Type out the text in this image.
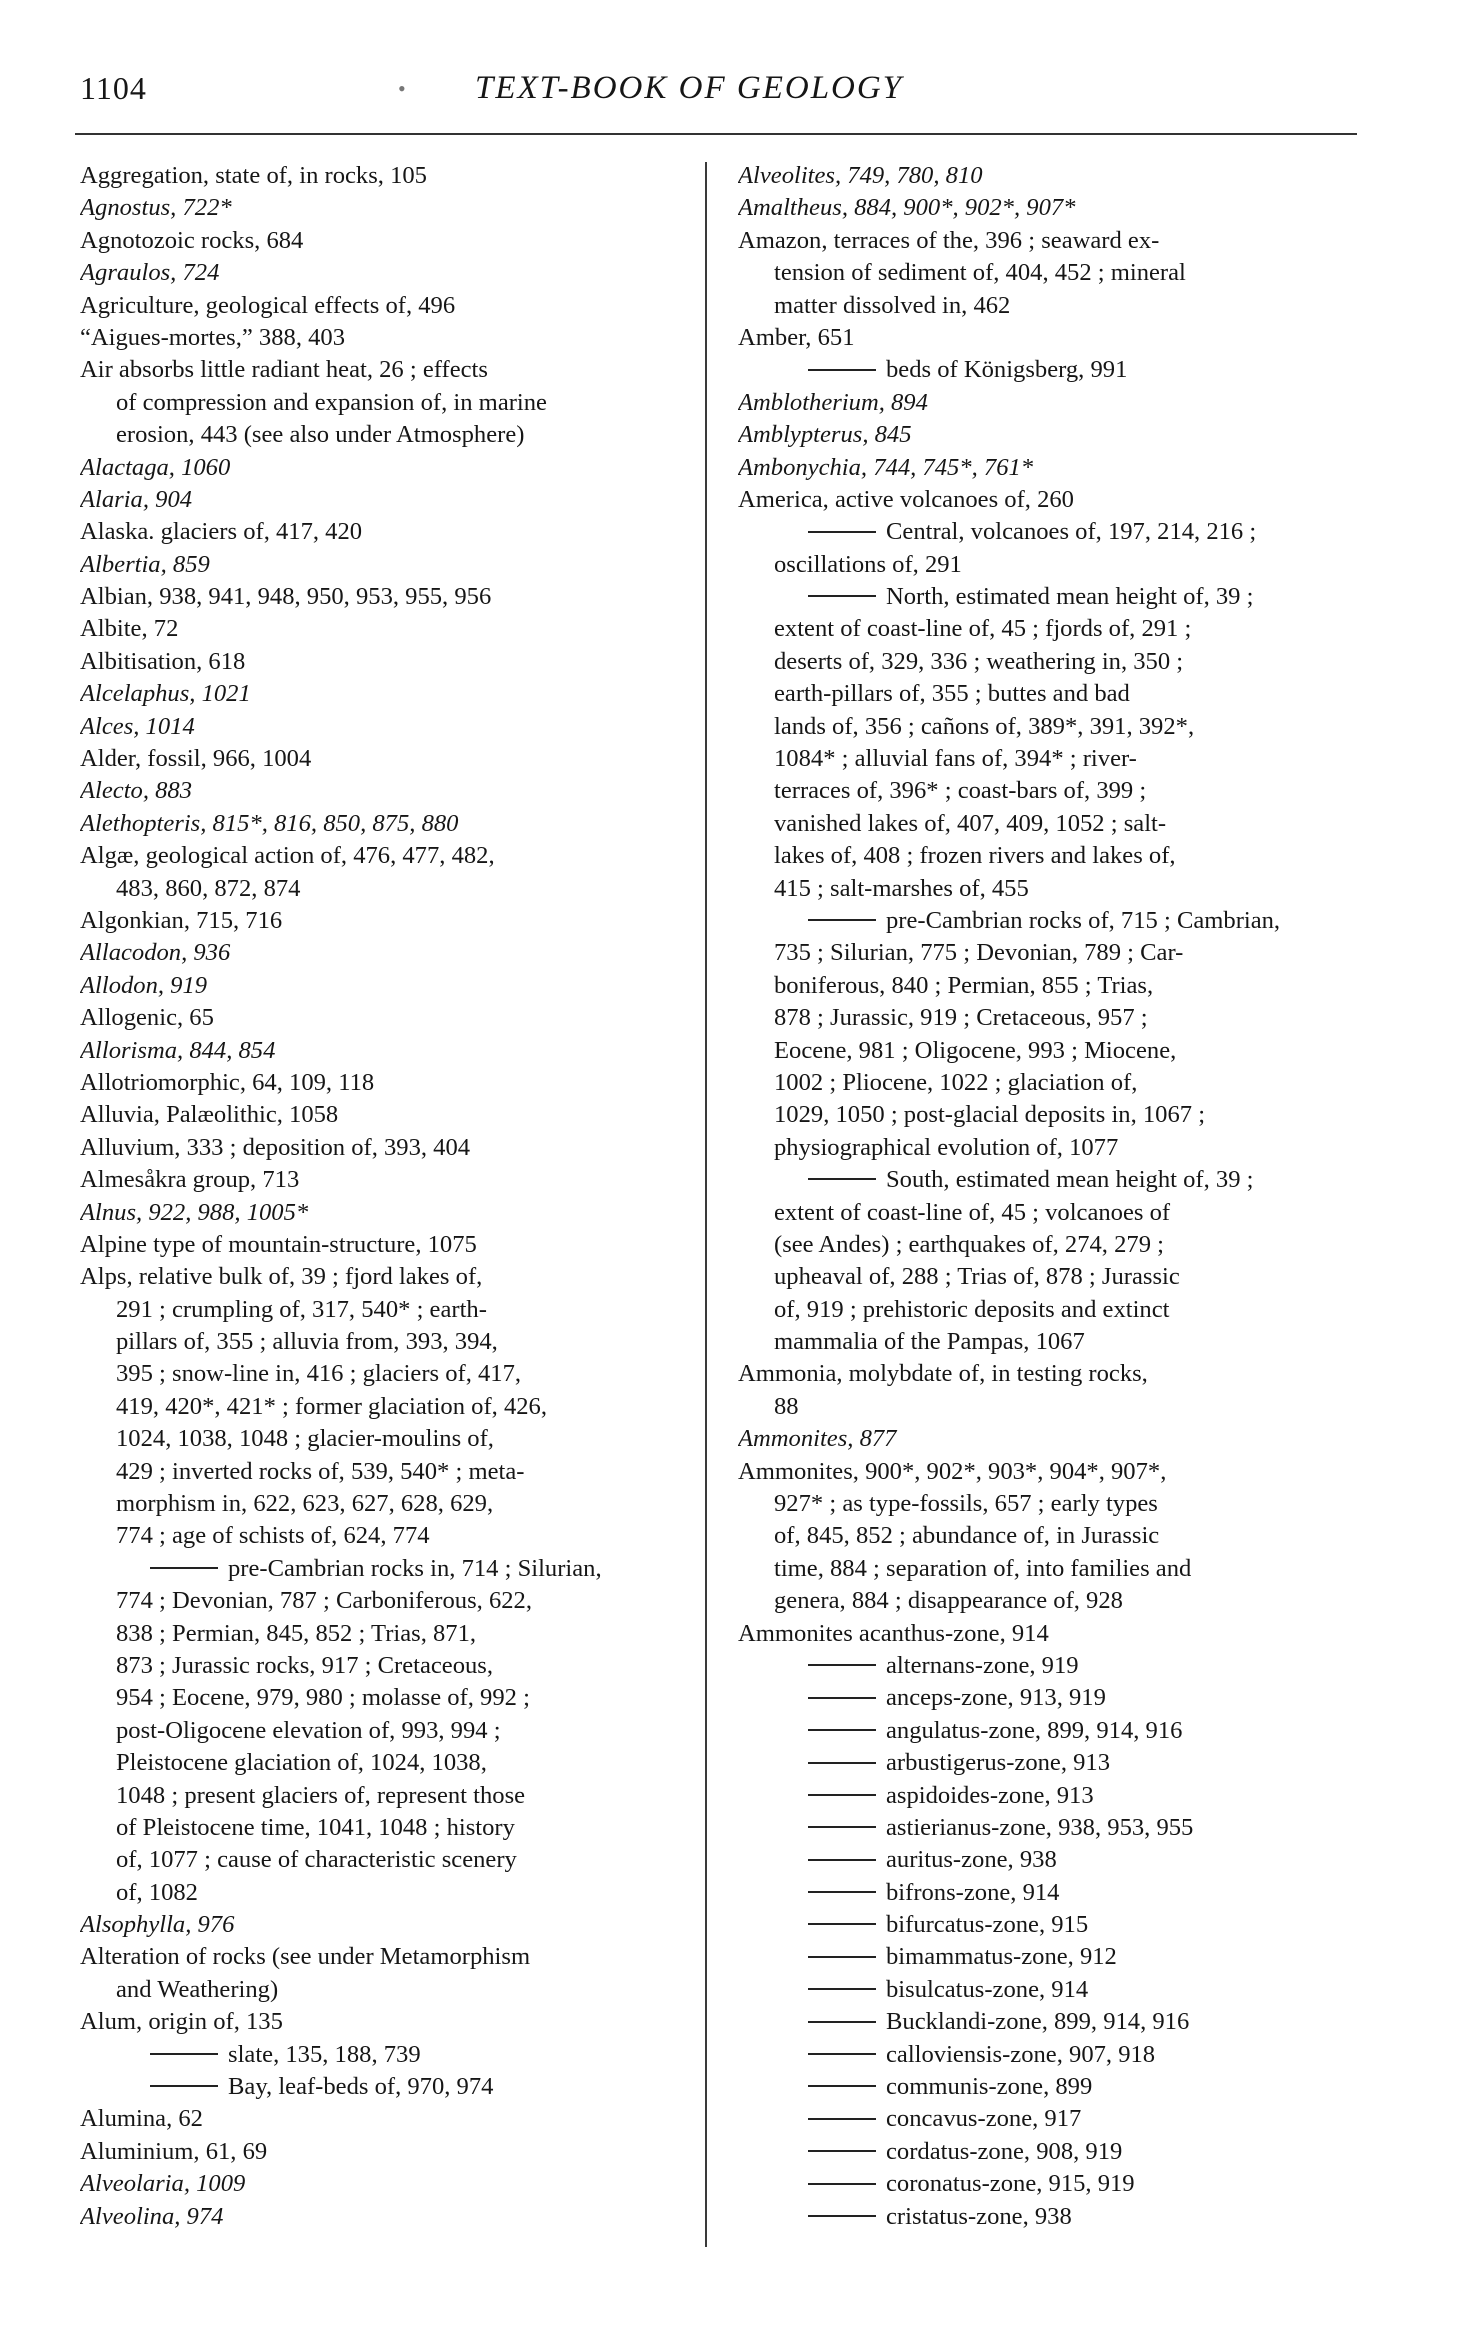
1104	• TEXT-BOOK OF GEOLOGY
Aggregation, state of, in rocks, 105
Agnostus, 722*
Agnotozoic rocks, 684
Agraulos, 724
Agriculture, geological effects of, 496
“Aigues-mortes,” 388, 403
Air absorbs little radiant heat, 26 ; effects
of compression and expansion of, in marine
erosion, 443 (see also under Atmosphere)
Alactaga, 1060
Alaria, 904
Alaska. glaciers of, 417, 420
Albertia, 859
Albian, 938, 941, 948, 950, 953, 955, 956
Albite, 72
Albitisation, 618
Alcelaphus, 1021
Alces, 1014
Alder, fossil, 966, 1004
Alecto, 883
Alethopteris, 815*, 816, 850, 875, 880
Algæ, geological action of, 476, 477, 482,
483, 860, 872, 874
Algonkian, 715, 716
Allacodon, 936
Allodon, 919
Allogenic, 65
Allorisma, 844, 854
Allotriomorphic, 64, 109, 118
Alluvia, Palæolithic, 1058
Alluvium, 333 ; deposition of, 393, 404
Almesåkra group, 713
Alnus, 922, 988, 1005*
Alpine type of mountain-structure, 1075
Alps, relative bulk of, 39 ; fjord lakes of,
291 ; crumpling of, 317, 540* ; earth-
pillars of, 355 ; alluvia from, 393, 394,
395 ; snow-line in, 416 ; glaciers of, 417,
419, 420*, 421* ; former glaciation of, 426,
1024, 1038, 1048 ; glacier-moulins of,
429 ; inverted rocks of, 539, 540* ; meta-
morphism in, 622, 623, 627, 628, 629,
774 ; age of schists of, 624, 774
pre-Cambrian rocks in, 714 ; Silurian,
774 ; Devonian, 787 ; Carboniferous, 622,
838 ; Permian, 845, 852 ; Trias, 871,
873 ; Jurassic rocks, 917 ; Cretaceous,
954 ; Eocene, 979, 980 ; molasse of, 992 ;
post-Oligocene elevation of, 993, 994 ;
Pleistocene glaciation of, 1024, 1038,
1048 ; present glaciers of, represent those
of Pleistocene time, 1041, 1048 ; history
of, 1077 ; cause of characteristic scenery
of, 1082
Alsophylla, 976
Alteration of rocks (see under Metamorphism
and Weathering)
Alum, origin of, 135
slate, 135, 188, 739
Bay, leaf-beds of, 970, 974
Alumina, 62
Aluminium, 61, 69
Alveolaria, 1009
Alveolina, 974
Alveolites, 749, 780, 810
Amaltheus, 884, 900*, 902*, 907*
Amazon, terraces of the, 396 ; seaward ex-
tension of sediment of, 404, 452 ; mineral
matter dissolved in, 462
Amber, 651
beds of Königsberg, 991
Amblotherium, 894
Amblypterus, 845
Ambonychia, 744, 745*, 761*
America, active volcanoes of, 260
Central, volcanoes of, 197, 214, 216 ;
oscillations of, 291
North, estimated mean height of, 39 ;
extent of coast-line of, 45 ; fjords of, 291 ;
deserts of, 329, 336 ; weathering in, 350 ;
earth-pillars of, 355 ; buttes and bad
lands of, 356 ; cañons of, 389*, 391, 392*,
1084* ; alluvial fans of, 394* ; river-
terraces of, 396* ; coast-bars of, 399 ;
vanished lakes of, 407, 409, 1052 ; salt-
lakes of, 408 ; frozen rivers and lakes of,
415 ; salt-marshes of, 455
pre-Cambrian rocks of, 715 ; Cambrian,
735 ; Silurian, 775 ; Devonian, 789 ; Car-
boniferous, 840 ; Permian, 855 ; Trias,
878 ; Jurassic, 919 ; Cretaceous, 957 ;
Eocene, 981 ; Oligocene, 993 ; Miocene,
1002 ; Pliocene, 1022 ; glaciation of,
1029, 1050 ; post-glacial deposits in, 1067 ;
physiographical evolution of, 1077
South, estimated mean height of, 39 ;
extent of coast-line of, 45 ; volcanoes of
(see Andes) ; earthquakes of, 274, 279 ;
upheaval of, 288 ; Trias of, 878 ; Jurassic
of, 919 ; prehistoric deposits and extinct
mammalia of the Pampas, 1067
Ammonia, molybdate of, in testing rocks,
88
Ammonites, 877
Ammonites, 900*, 902*, 903*, 904*, 907*,
927* ; as type-fossils, 657 ; early types
of, 845, 852 ; abundance of, in Jurassic
time, 884 ; separation of, into families and
genera, 884 ; disappearance of, 928
Ammonites acanthus-zone, 914
alternans-zone, 919
anceps-zone, 913, 919
angulatus-zone, 899, 914, 916
arbustigerus-zone, 913
aspidoides-zone, 913
astierianus-zone, 938, 953, 955
auritus-zone, 938
bifrons-zone, 914
bifurcatus-zone, 915
bimammatus-zone, 912
bisulcatus-zone, 914
Bucklandi-zone, 899, 914, 916
calloviensis-zone, 907, 918
communis-zone, 899
concavus-zone, 917
cordatus-zone, 908, 919
coronatus-zone, 915, 919
cristatus-zone, 938
